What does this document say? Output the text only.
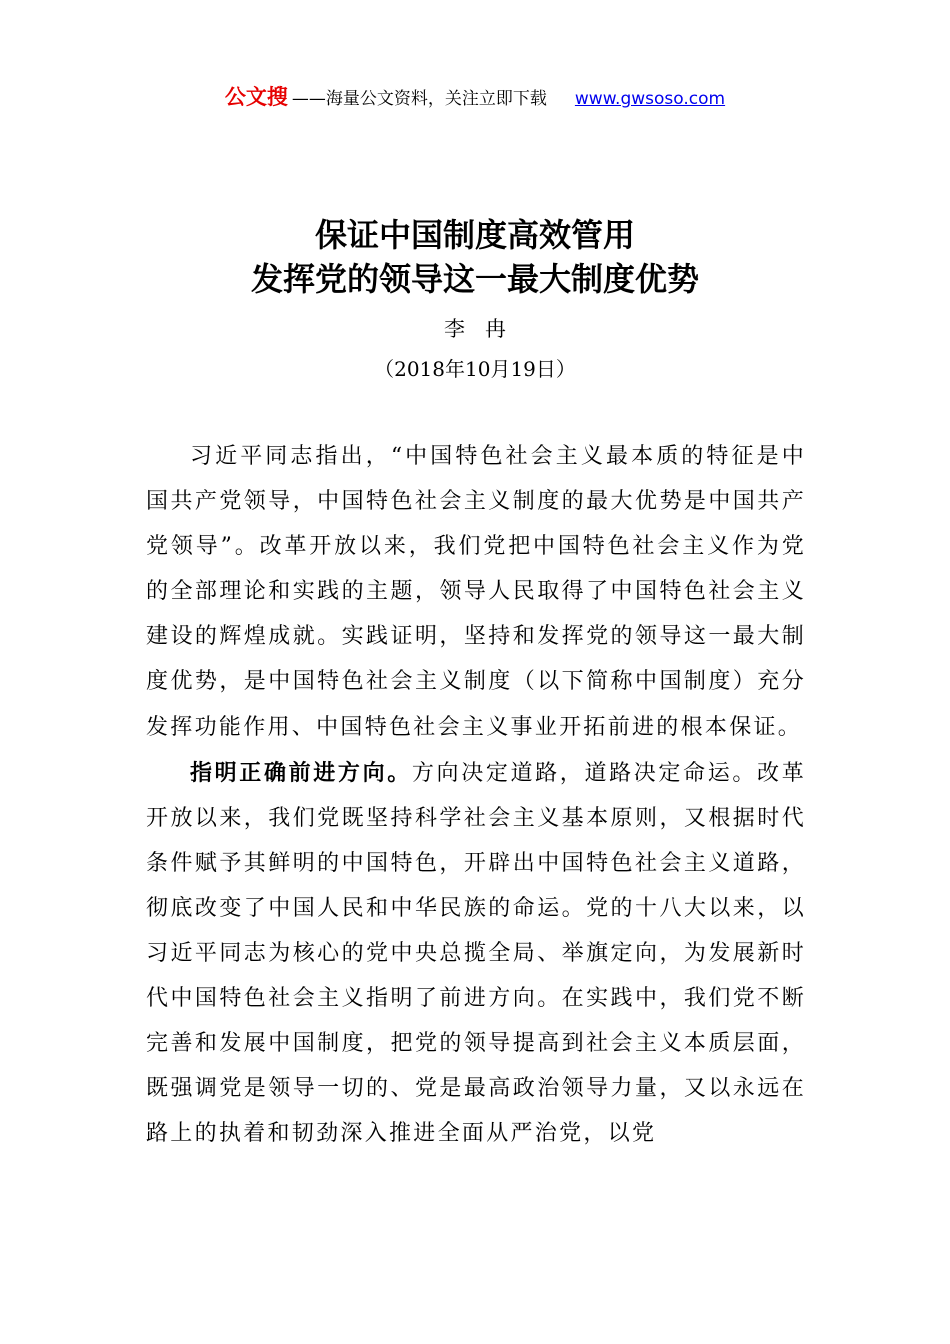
公文搜 ——海量公文资料，关注立即下载 www.gwsoso.com
保证中国制度高效管用
发挥党的领导这一最大制度优势
李冉
（2018年10月19日）

习近平同志指出，“中国特色社会主义最本质的特征是中国共产党领导，中国特色社会主义制度的最大优势是中国共产党领导”。改革开放以来，我们党把中国特色社会主义作为党的全部理论和实践的主题，领导人民取得了中国特色社会主义建设的辉煌成就。实践证明，坚持和发挥党的领导这一最大制度优势，是中国特色社会主义制度（以下简称中国制度）充分发挥功能作用、中国特色社会主义事业开拓前进的根本保证。

指明正确前进方向。方向决定道路，道路决定命运。改革开放以来，我们党既坚持科学社会主义基本原则，又根据时代条件赋予其鲜明的中国特色，开辟出中国特色社会主义道路，彻底改变了中国人民和中华民族的命运。党的十八大以来，以习近平同志为核心的党中央总揽全局、举旗定向，为发展新时代中国特色社会主义指明了前进方向。在实践中，我们党不断完善和发展中国制度，把党的领导提高到社会主义本质层面，既强调党是领导一切的、党是最高政治领导力量，又以永远在路上的执着和韧劲深入推进全面从严治党，以党
